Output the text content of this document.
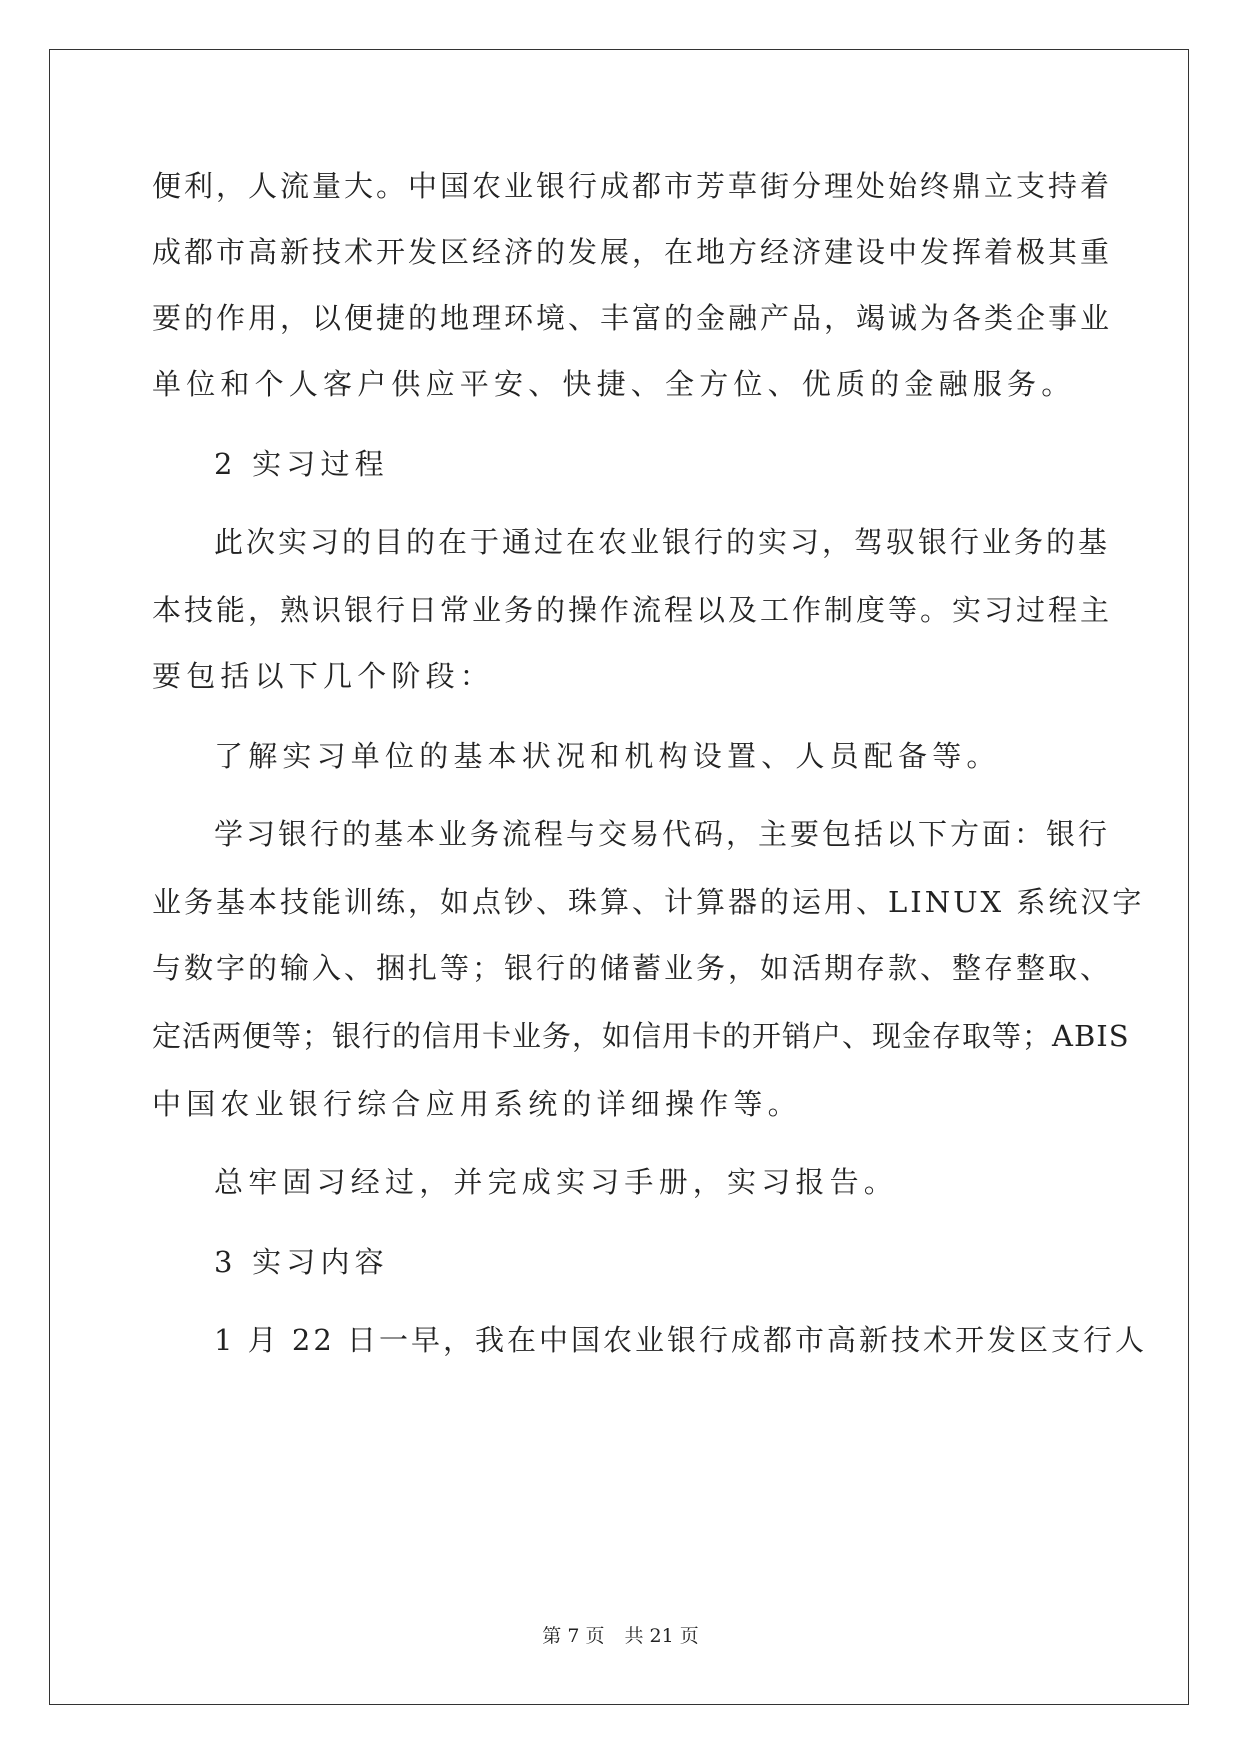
便利，人流量大。中国农业银行成都市芳草街分理处始终鼎立支持着
成都市高新技术开发区经济的发展，在地方经济建设中发挥着极其重
要的作用，以便捷的地理环境、丰富的金融产品，竭诚为各类企事业
单位和个人客户供应平安、快捷、全方位、优质的金融服务。
2 实习过程
此次实习的目的在于通过在农业银行的实习，驾驭银行业务的基
本技能，熟识银行日常业务的操作流程以及工作制度等。实习过程主
要包括以下几个阶段：
了解实习单位的基本状况和机构设置、人员配备等。
学习银行的基本业务流程与交易代码，主要包括以下方面：银行
业务基本技能训练，如点钞、珠算、计算器的运用、LINUX 系统汉字
与数字的输入、捆扎等；银行的储蓄业务，如活期存款、整存整取、
定活两便等；银行的信用卡业务，如信用卡的开销户、现金存取等；ABIS
中国农业银行综合应用系统的详细操作等。
总牢固习经过，并完成实习手册，实习报告。
3 实习内容
1 月 22 日一早，我在中国农业银行成都市高新技术开发区支行人
第 7 页 共 21 页
